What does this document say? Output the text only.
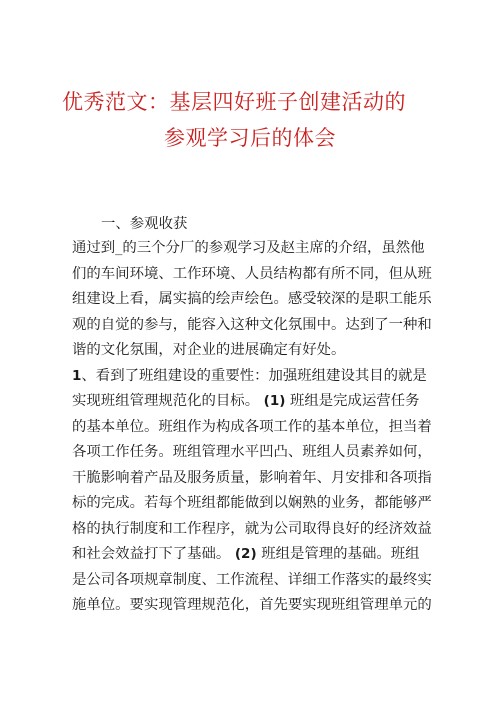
优秀范文：基层四好班子创建活动的
参观学习后的体会
一、参观收获
通过到_的三个分厂的参观学习及赵主席的介绍，虽然他
们的车间环境、工作环境、人员结构都有所不同，但从班
组建设上看，属实搞的绘声绘色。感受较深的是职工能乐
观的自觉的参与，能容入这种文化氛围中。达到了一种和
谐的文化氛围，对企业的进展确定有好处。
1、看到了班组建设的重要性：加强班组建设其目的就是
实现班组管理规范化的目标。 (1) 班组是完成运营任务
的基本单位。班组作为构成各项工作的基本单位，担当着
各项工作任务。班组管理水平凹凸、班组人员素养如何，
干脆影响着产品及服务质量，影响着年、月安排和各项指
标的完成。若每个班组都能做到以娴熟的业务，都能够严
格的执行制度和工作程序，就为公司取得良好的经济效益
和社会效益打下了基础。 (2) 班组是管理的基础。班组
是公司各项规章制度、工作流程、详细工作落实的最终实
施单位。要实现管理规范化，首先要实现班组管理单元的
